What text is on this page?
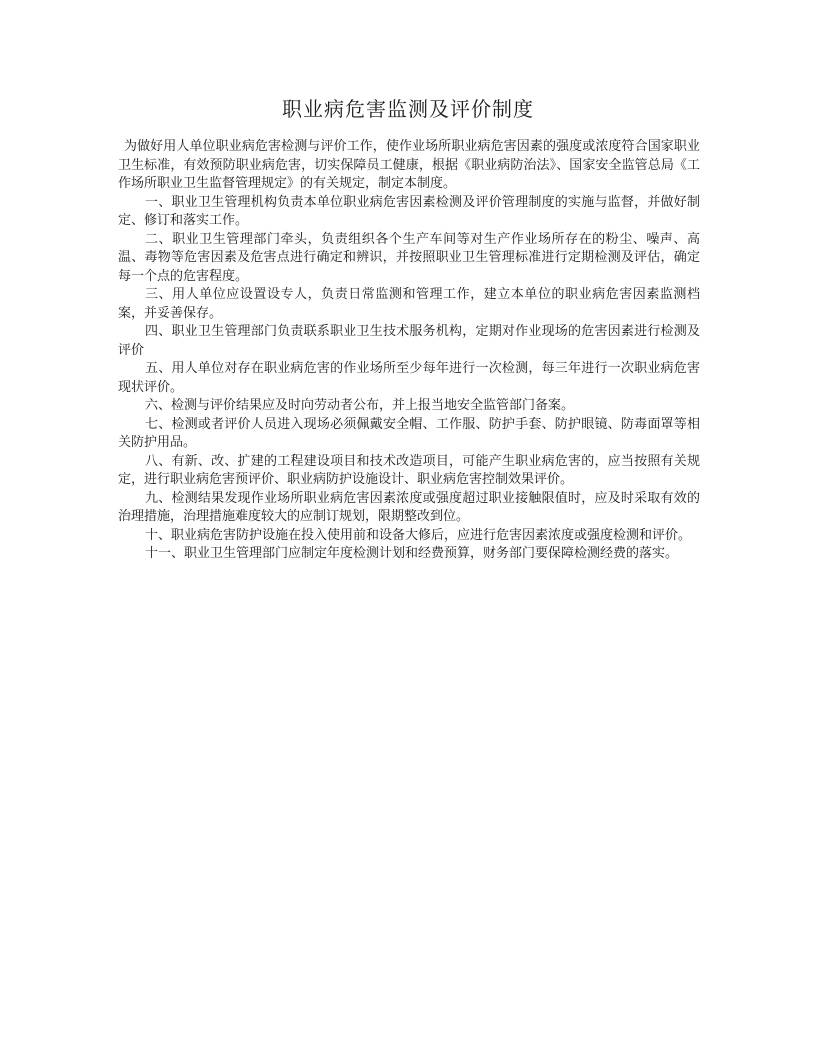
职业病危害监测及评价制度

为做好用人单位职业病危害检测与评价工作，使作业场所职业病危害因素的强度或浓度符合国家职业卫生标准，有效预防职业病危害，切实保障员工健康，根据《职业病防治法》、国家安全监管总局《工作场所职业卫生监督管理规定》的有关规定，制定本制度。

一、职业卫生管理机构负责本单位职业病危害因素检测及评价管理制度的实施与监督，并做好制定、修订和落实工作。

二、职业卫生管理部门牵头，负责组织各个生产车间等对生产作业场所存在的粉尘、噪声、高温、毒物等危害因素及危害点进行确定和辨识，并按照职业卫生管理标准进行定期检测及评估，确定每一个点的危害程度。

三、用人单位应设置设专人，负责日常监测和管理工作，建立本单位的职业病危害因素监测档案，并妥善保存。

四、职业卫生管理部门负责联系职业卫生技术服务机构，定期对作业现场的危害因素进行检测及评价

五、用人单位对存在职业病危害的作业场所至少每年进行一次检测，每三年进行一次职业病危害现状评价。

六、检测与评价结果应及时向劳动者公布，并上报当地安全监管部门备案。

七、检测或者评价人员进入现场必须佩戴安全帽、工作服、防护手套、防护眼镜、防毒面罩等相关防护用品。

八、有新、改、扩建的工程建设项目和技术改造项目，可能产生职业病危害的，应当按照有关规定，进行职业病危害预评价、职业病防护设施设计、职业病危害控制效果评价。

九、检测结果发现作业场所职业病危害因素浓度或强度超过职业接触限值时，应及时采取有效的治理措施，治理措施难度较大的应制订规划，限期整改到位。

十、职业病危害防护设施在投入使用前和设备大修后，应进行危害因素浓度或强度检测和评价。

十一、职业卫生管理部门应制定年度检测计划和经费预算，财务部门要保障检测经费的落实。
